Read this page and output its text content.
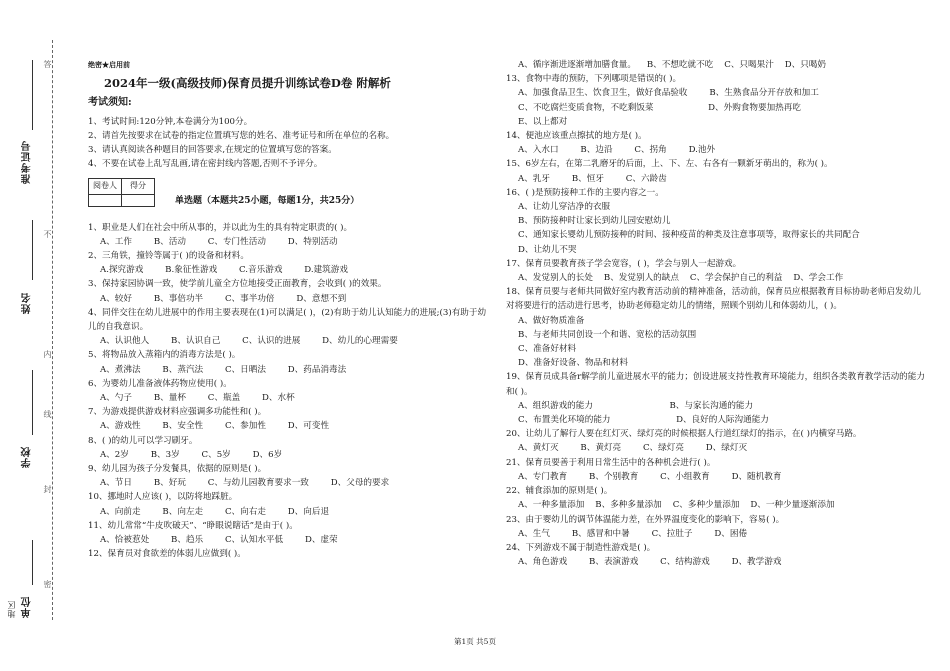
准考证号
姓名
学校
单位
答
不
内
线
封
密
地区
绝密★启用前
2024年一级(高级技师)保育员提升训练试卷D卷 附解析
考试须知:
1、考试时间:120分钟,本卷满分为100分。
2、请首先按要求在试卷的指定位置填写您的姓名、准考证号和所在单位的名称。
3、请认真阅读各种题目的回答要求,在规定的位置填写您的答案。
4、不要在试卷上乱写乱画,请在密封线内答题,否则不予评分。
阅卷人	得分

单选题（本题共25小题，每题1分，共25分）
1、职业是人们在社会中所从事的，并以此为生的具有特定职责的( )。
A、工作        B、活动        C、专门性活动        D、特别活动
2、三角铁，撞铃等属于( )的设备和材料。
A.探究游戏        B.象征性游戏        C.音乐游戏        D.建筑游戏
3、保持家园协调一致，使学前儿童全方位地接受正面教育，会收到( )的效果。
A、较好        B、事倍功半        C、事半功倍        D、意想不到
4、同伴交往在幼儿进展中的作用主要表现在(1)可以满足( )，(2)有助于幼儿认知能力的进展;(3)有助于幼儿的自我意识。
A、认识他人        B、认识自己        C、认识的进展        D、幼儿的心理需要
5、将物品放入蒸箱内的消毒方法是( )。
A、煮沸法        B、蒸汽法        C、日晒法        D、药品消毒法
6、为婴幼儿准备液体药物应使用( )。
A、勺子        B、量杯        C、瓶盖        D、水杯
7、为游戏提供游戏材料应强调多功能性和( )。
A、游戏性        B、安全性        C、参加性        D、可变性
8、( )的幼儿可以学习刷牙。
A、2岁        B、3岁        C、5岁        D、6岁
9、幼儿园为孩子分发餐具，依据的原则是( )。
A、节日        B、好玩        C、与幼儿园教育要求一致        D、父母的要求
10、挪地时人应该( )，以防将地踩脏。
A、向前走        B、向左走        C、向右走        D、向后退
11、幼儿常常“牛皮吹破天”、“睁眼说瞎话”是由于( )。
A、恰被惹处        B、趋乐        C、认知水平低        D、虚荣
12、保育员对食欲差的体弱儿应做到( )。
A、循序渐进逐渐增加膳食量。    B、不想吃就不吃    C、只喝果汁    D、只喝奶
13、食物中毒的预防，下列哪项是错误的( )。
A、加强食品卫生、饮食卫生，做好食品验收        B、生熟食品分开存放和加工
C、不吃腐烂变质食物，不吃剩饭菜                    D、外购食物要加热再吃
E、以上都对
14、便池应该重点擦拭的地方是( )。
A、入水口        B、边沿        C、拐角        D.池外
15、6岁左右，在第二乳磨牙的后面，上、下、左、右各有一颗新牙萌出的，称为( )。
A、乳牙        B、恒牙        C、六龄齿
16、( )是预防接种工作的主要内容之一。
A、让幼儿穿洁净的衣服
B、预防接种时让家长到幼儿园安慰幼儿
C、通知家长婴幼儿预防接种的时间、接种疫苗的种类及注意事项等，取得家长的共同配合
D、让幼儿不哭
17、保育员要教育孩子学会宽容，( )，学会与别人一起游戏。
A、发觉别人的长处    B、发觉别人的缺点    C、学会保护自己的利益    D、学会工作
18、保育员要与老师共同做好室内教育活动前的精神准备，活动前，保育员应根据教育目标协助老师启发幼儿对将要进行的活动进行思考，协助老师稳定幼儿的情绪，照顾个别幼儿和体弱幼儿，( )。
A、做好物质准备
B、与老师共同创设一个和谐、宽松的活动氛围
C、准备好材料
D、准备好设备、物品和材料
19、保育员成具备r解学前儿童进展水平的能力；创设进展支持性教育环境能力，组织各类教育教学活动的能力和( )。
A、组织游戏的能力                            B、与家长沟通的能力
C、布置美化环境的能力                        D、良好的人际沟通能力
20、让幼儿了解行人要在红灯灭、绿灯亮的时候根据人行道红绿灯的指示，在( )内横穿马路。
A、黄灯灭        B、黄灯亮        C、绿灯亮        D、绿灯灭
21、保育员要善于利用日常生活中的各种机会进行( )。
A、专门教育        B、个别教育        C、小组教育        D、随机教育
22、辅食添加的原则是( )。
A、一种多量添加    B、多种多量添加    C、多种少量添加    D、一种少量逐渐添加
23、由于婴幼儿的调节体温能力差，在外界温度变化的影响下，容易( )。
A、生气        B、感冒和中暑        C、拉肚子        D、困倦
24、下列游戏不属于制造性游戏是( )。
A、角色游戏        B、表演游戏        C、结构游戏        D、教学游戏
第1页 共5页
